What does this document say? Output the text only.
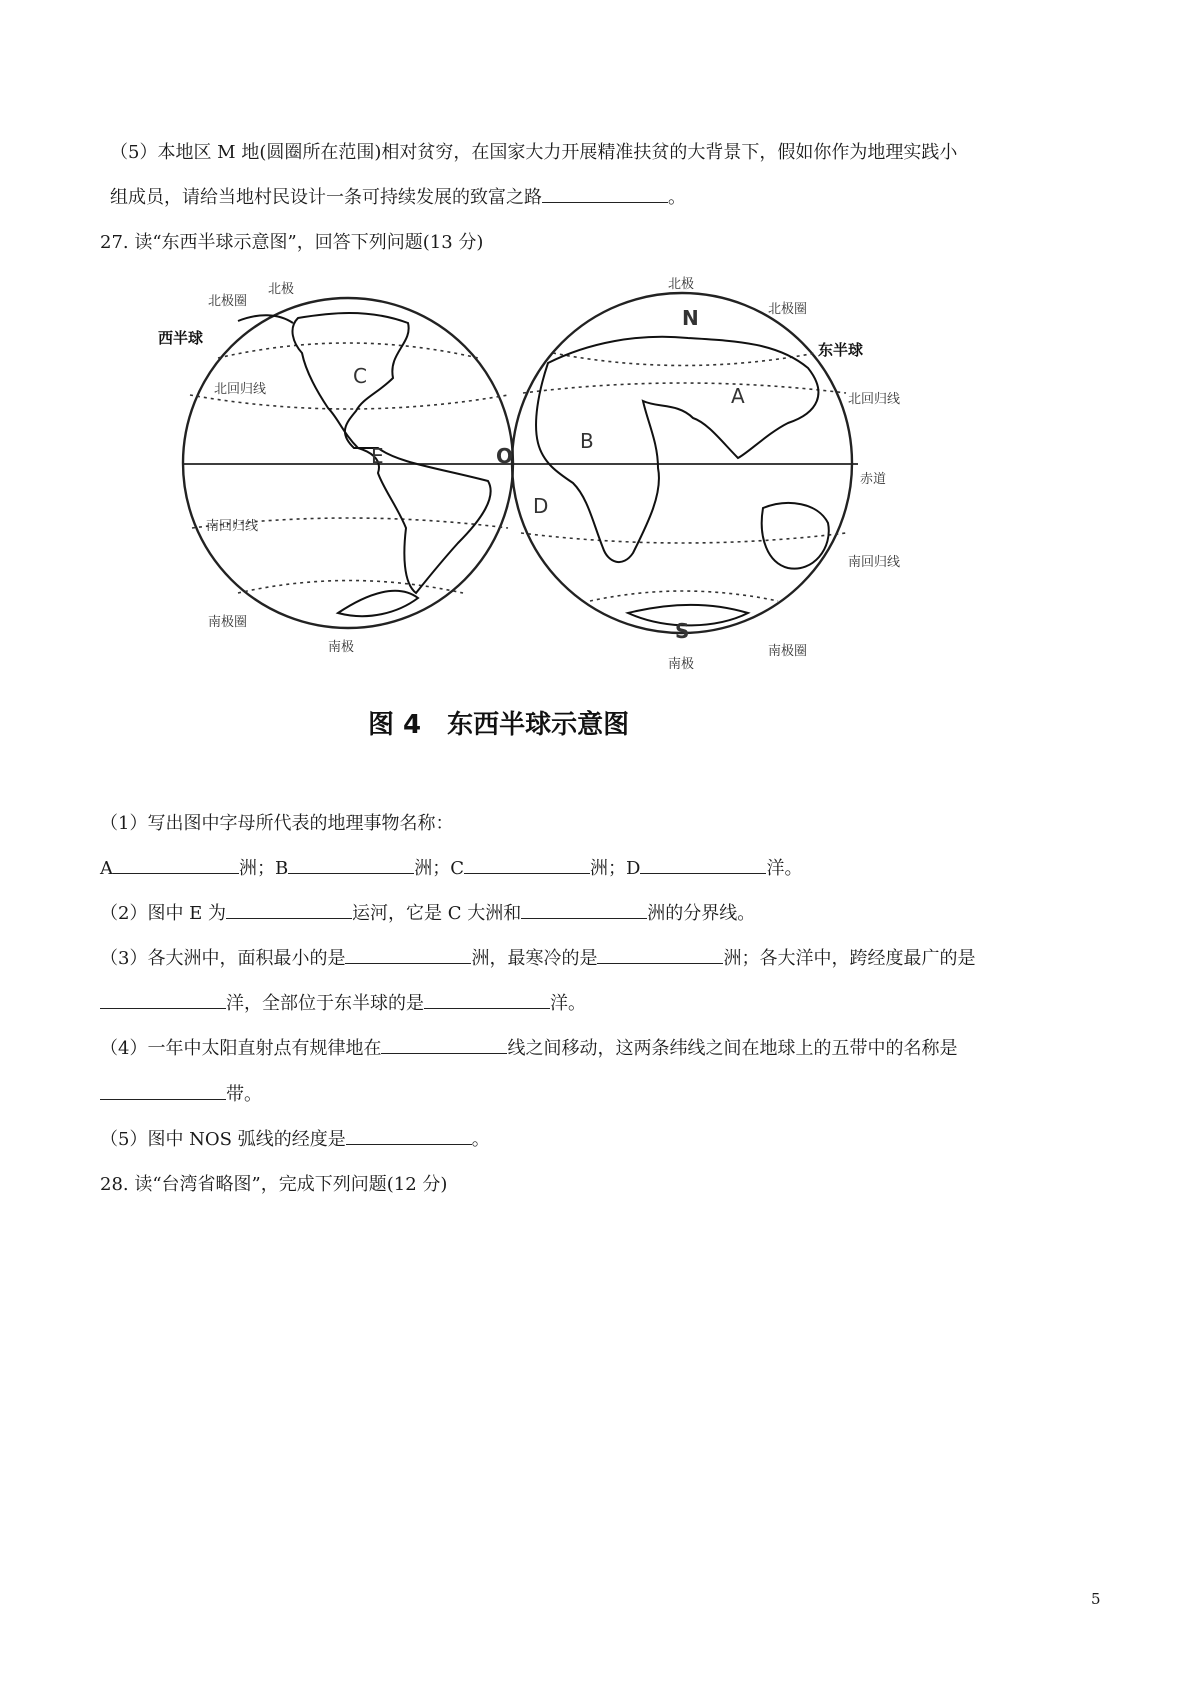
（5）本地区 M 地(圆圈所在范围)相对贫穷，在国家大力开展精准扶贫的大背景下，假如你作为地理实践小
组成员，请给当地村民设计一条可持续发展的致富之路	。
27. 读“东西半球示意图”，回答下列问题(13 分)
西半球
东半球
北极
北极圈
北回归线
南回归线
南极圈
南极
北极
北极圈
北回归线
赤道
南回归线
南极圈
南极
C
E	O
B
D
A
N
S
图 4　东西半球示意图
（1）写出图中字母所代表的地理事物名称：
A	洲；B	洲；C	洲；D	洋。
（2）图中 E 为	运河，它是 C 大洲和	洲的分界线。
（3）各大洲中，面积最小的是	洲，最寒冷的是	洲；各大洋中，跨经度最广的是
洋，全部位于东半球的是	洋。
（4）一年中太阳直射点有规律地在	线之间移动，这两条纬线之间在地球上的五带中的名称是
带。
（5）图中 NOS 弧线的经度是	。
28. 读“台湾省略图”，完成下列问题(12 分)
5
